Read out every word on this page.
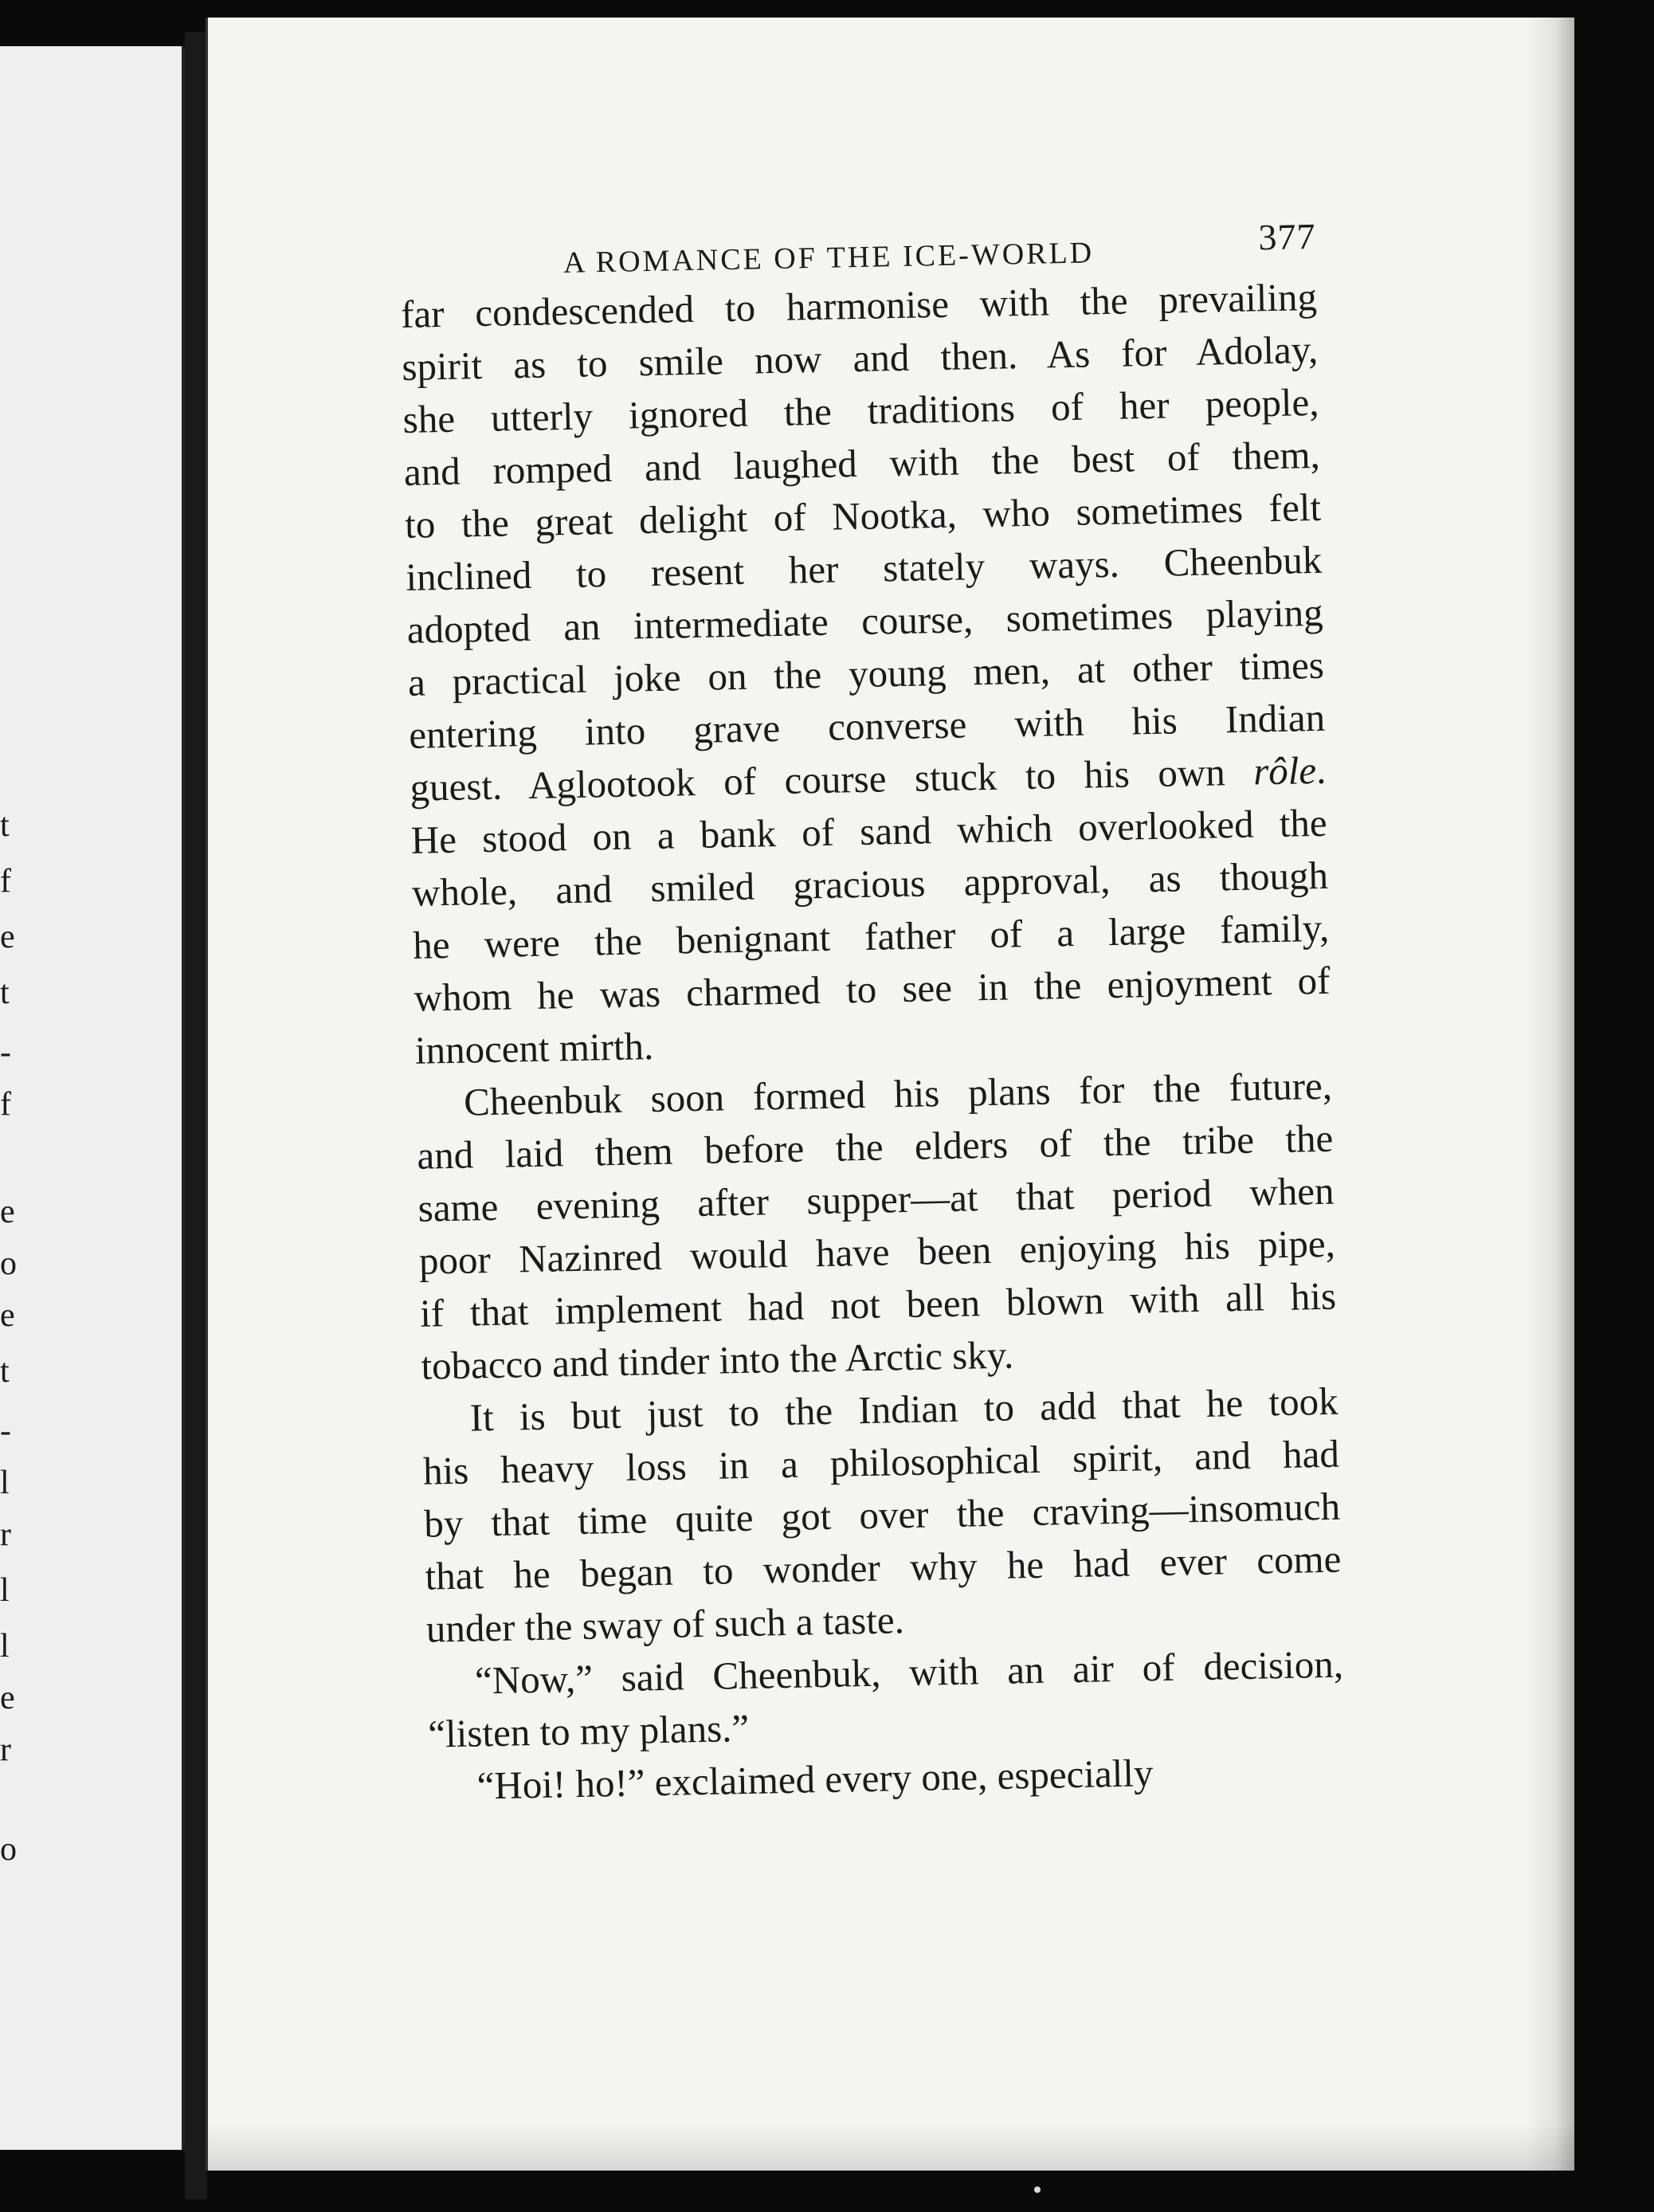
t
f
e
t
-
f
e
o
e
t
-
l
r
l
l
e
r
o
A ROMANCE OF THE ICE-WORLD	377
far condescended to harmonise with the prevailing
spirit as to smile now and then. As for Adolay,
she utterly ignored the traditions of her people,
and romped and laughed with the best of them,
to the great delight of Nootka, who sometimes felt
inclined to resent her stately ways. Cheenbuk
adopted an intermediate course, sometimes playing
a practical joke on the young men, at other times
entering into grave converse with his Indian
guest. Aglootook of course stuck to his own rôle.
He stood on a bank of sand which overlooked the
whole, and smiled gracious approval, as though
he were the benignant father of a large family,
whom he was charmed to see in the enjoyment of
innocent mirth.
Cheenbuk soon formed his plans for the future,
and laid them before the elders of the tribe the
same evening after supper—at that period when
poor Nazinred would have been enjoying his pipe,
if that implement had not been blown with all his
tobacco and tinder into the Arctic sky.
It is but just to the Indian to add that he took
his heavy loss in a philosophical spirit, and had
by that time quite got over the craving—insomuch
that he began to wonder why he had ever come
under the sway of such a taste.
“Now,” said Cheenbuk, with an air of decision,
“listen to my plans.”
“Hoi! ho!” exclaimed every one, especially
